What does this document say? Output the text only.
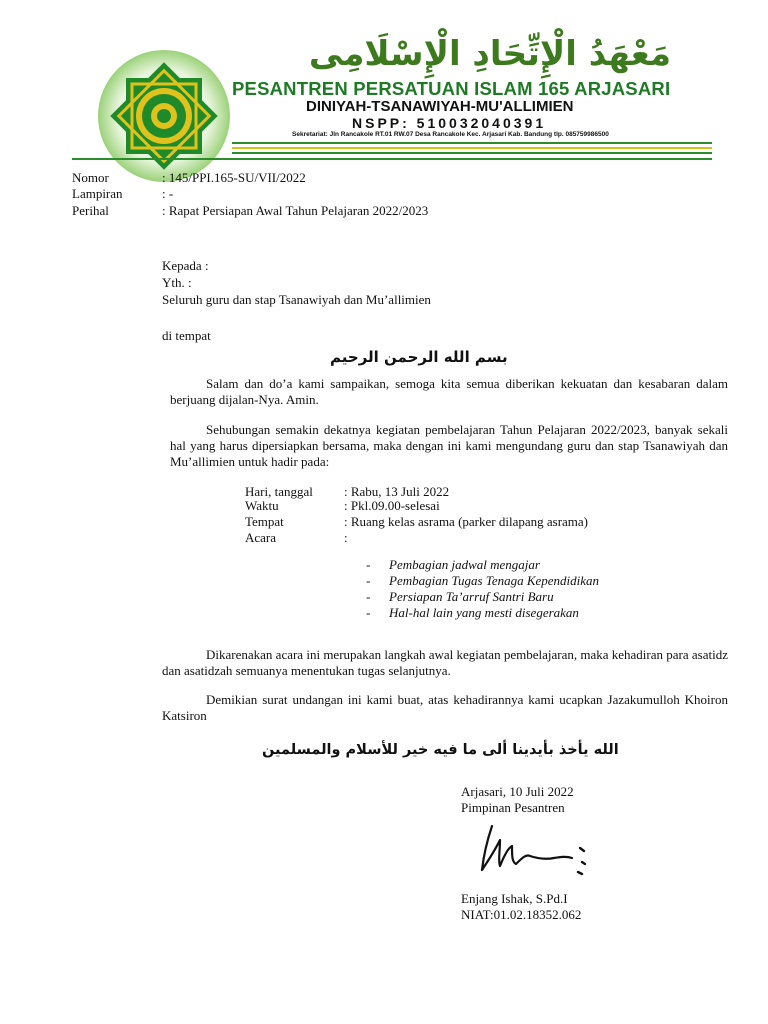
مَعْهَدُ الْإِتِّحَادِ الْإِسْلَامِى
PESANTREN PERSATUAN ISLAM 165 ARJASARI
DINIYAH-TSANAWIYAH-MU'ALLIMIEN
NSPP: 510032040391
Sekretariat: Jln Rancakole RT.01 RW.07 Desa Rancakole Kec. Arjasari Kab. Bandung tlp. 085759986500
Nomor	: 145/PPI.165-SU/VII/2022
Lampiran	: -
Perihal	: Rapat Persiapan Awal Tahun Pelajaran 2022/2023
Kepada :
Yth. :
Seluruh guru dan stap Tsanawiyah dan Mu’allimien
di tempat
بسم الله الرحمن الرحيم
Salam dan do’a kami sampaikan, semoga kita semua diberikan kekuatan dan kesabaran dalam berjuang dijalan-Nya. Amin.
Sehubungan semakin dekatnya kegiatan pembelajaran Tahun Pelajaran 2022/2023, banyak sekali hal yang harus dipersiapkan bersama, maka dengan ini kami mengundang guru dan stap Tsanawiyah dan Mu’allimien untuk hadir pada:
Hari, tanggal : Rabu, 13 Juli 2022
Waktu	: Pkl.09.00-selesai
Tempat	: Ruang kelas asrama (parker dilapang asrama)
Acara	:
- Pembagian jadwal mengajar
- Pembagian Tugas Tenaga Kependidikan
- Persiapan Ta’arruf Santri Baru
- Hal-hal lain yang mesti disegerakan
Dikarenakan acara ini merupakan langkah awal kegiatan pembelajaran, maka kehadiran para asatidz dan asatidzah semuanya menentukan tugas selanjutnya.
Demikian surat undangan ini kami buat, atas kehadirannya kami ucapkan Jazakumulloh Khoiron Katsiron
الله يأخذ بأيدينا ألى ما فيه خير للأسلام والمسلمين
Arjasari, 10 Juli 2022
Pimpinan Pesantren
Enjang Ishak, S.Pd.I
NIAT:01.02.18352.062
